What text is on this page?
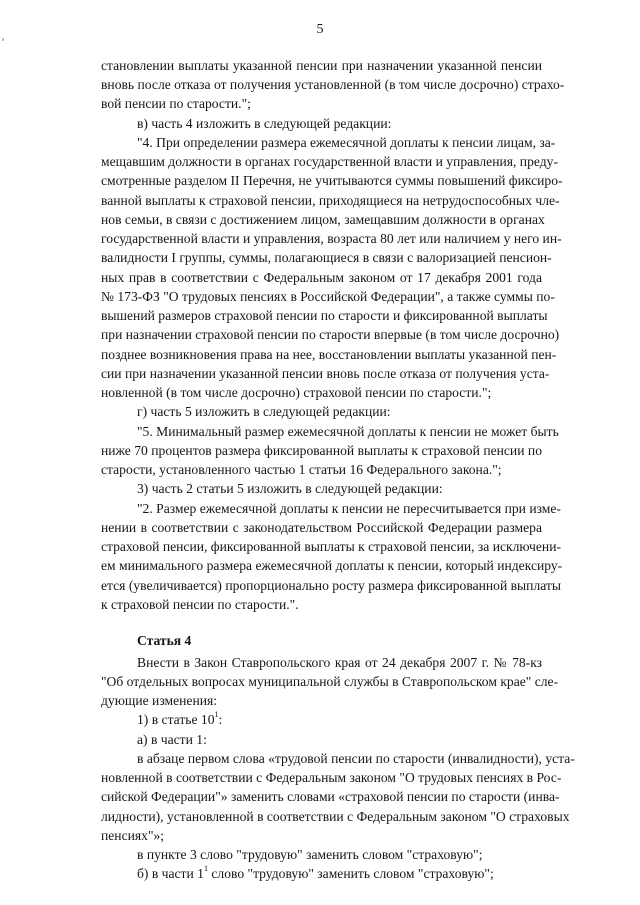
5
становлении выплаты указанной пенсии при назначении указанной пенсии
вновь после отказа от получения установленной (в том числе досрочно) страхо-
вой пенсии по старости.";
в) часть 4 изложить в следующей редакции:
"4. При определении размера ежемесячной доплаты к пенсии лицам, за-
мещавшим должности в органах государственной власти и управления, преду-
смотренные разделом II Перечня, не учитываются суммы повышений фиксиро-
ванной выплаты к страховой пенсии, приходящиеся на нетрудоспособных чле-
нов семьи, в связи с достижением лицом, замещавшим должности в органах
государственной власти и управления, возраста 80 лет или наличием у него ин-
валидности I группы, суммы, полагающиеся в связи с валоризацией пенсион-
ных прав в соответствии с Федеральным законом от 17 декабря 2001 года
№ 173-ФЗ "О трудовых пенсиях в Российской Федерации", а также суммы по-
вышений размеров страховой пенсии по старости и фиксированной выплаты
при назначении страховой пенсии по старости впервые (в том числе досрочно)
позднее возникновения права на нее, восстановлении выплаты указанной пен-
сии при назначении указанной пенсии вновь после отказа от получения уста-
новленной (в том числе досрочно) страховой пенсии по старости.";
г) часть 5 изложить в следующей редакции:
"5. Минимальный размер ежемесячной доплаты к пенсии не может быть
ниже 70 процентов размера фиксированной выплаты к страховой пенсии по
старости, установленного частью 1 статьи 16 Федерального закона.";
3) часть 2 статьи 5 изложить в следующей редакции:
"2. Размер ежемесячной доплаты к пенсии не пересчитывается при изме-
нении в соответствии с законодательством Российской Федерации размера
страховой пенсии, фиксированной выплаты к страховой пенсии, за исключени-
ем минимального размера ежемесячной доплаты к пенсии, который индексиру-
ется (увеличивается) пропорционально росту размера фиксированной выплаты
к страховой пенсии по старости.".
Статья 4
Внести в Закон Ставропольского края от 24 декабря 2007 г. № 78-кз
"Об отдельных вопросах муниципальной службы в Ставропольском крае" сле-
дующие изменения:
1) в статье $10^1$:
а) в части 1:
в абзаце первом слова «трудовой пенсии по старости (инвалидности), уста-
новленной в соответствии с Федеральным законом "О трудовых пенсиях в Рос-
сийской Федерации"» заменить словами «страховой пенсии по старости (инва-
лидности), установленной в соответствии с Федеральным законом "О страховых
пенсиях"»;
в пункте 3 слово "трудовую" заменить словом "страховую";
б) в части $1^1$ слово "трудовую" заменить словом "страховую";
